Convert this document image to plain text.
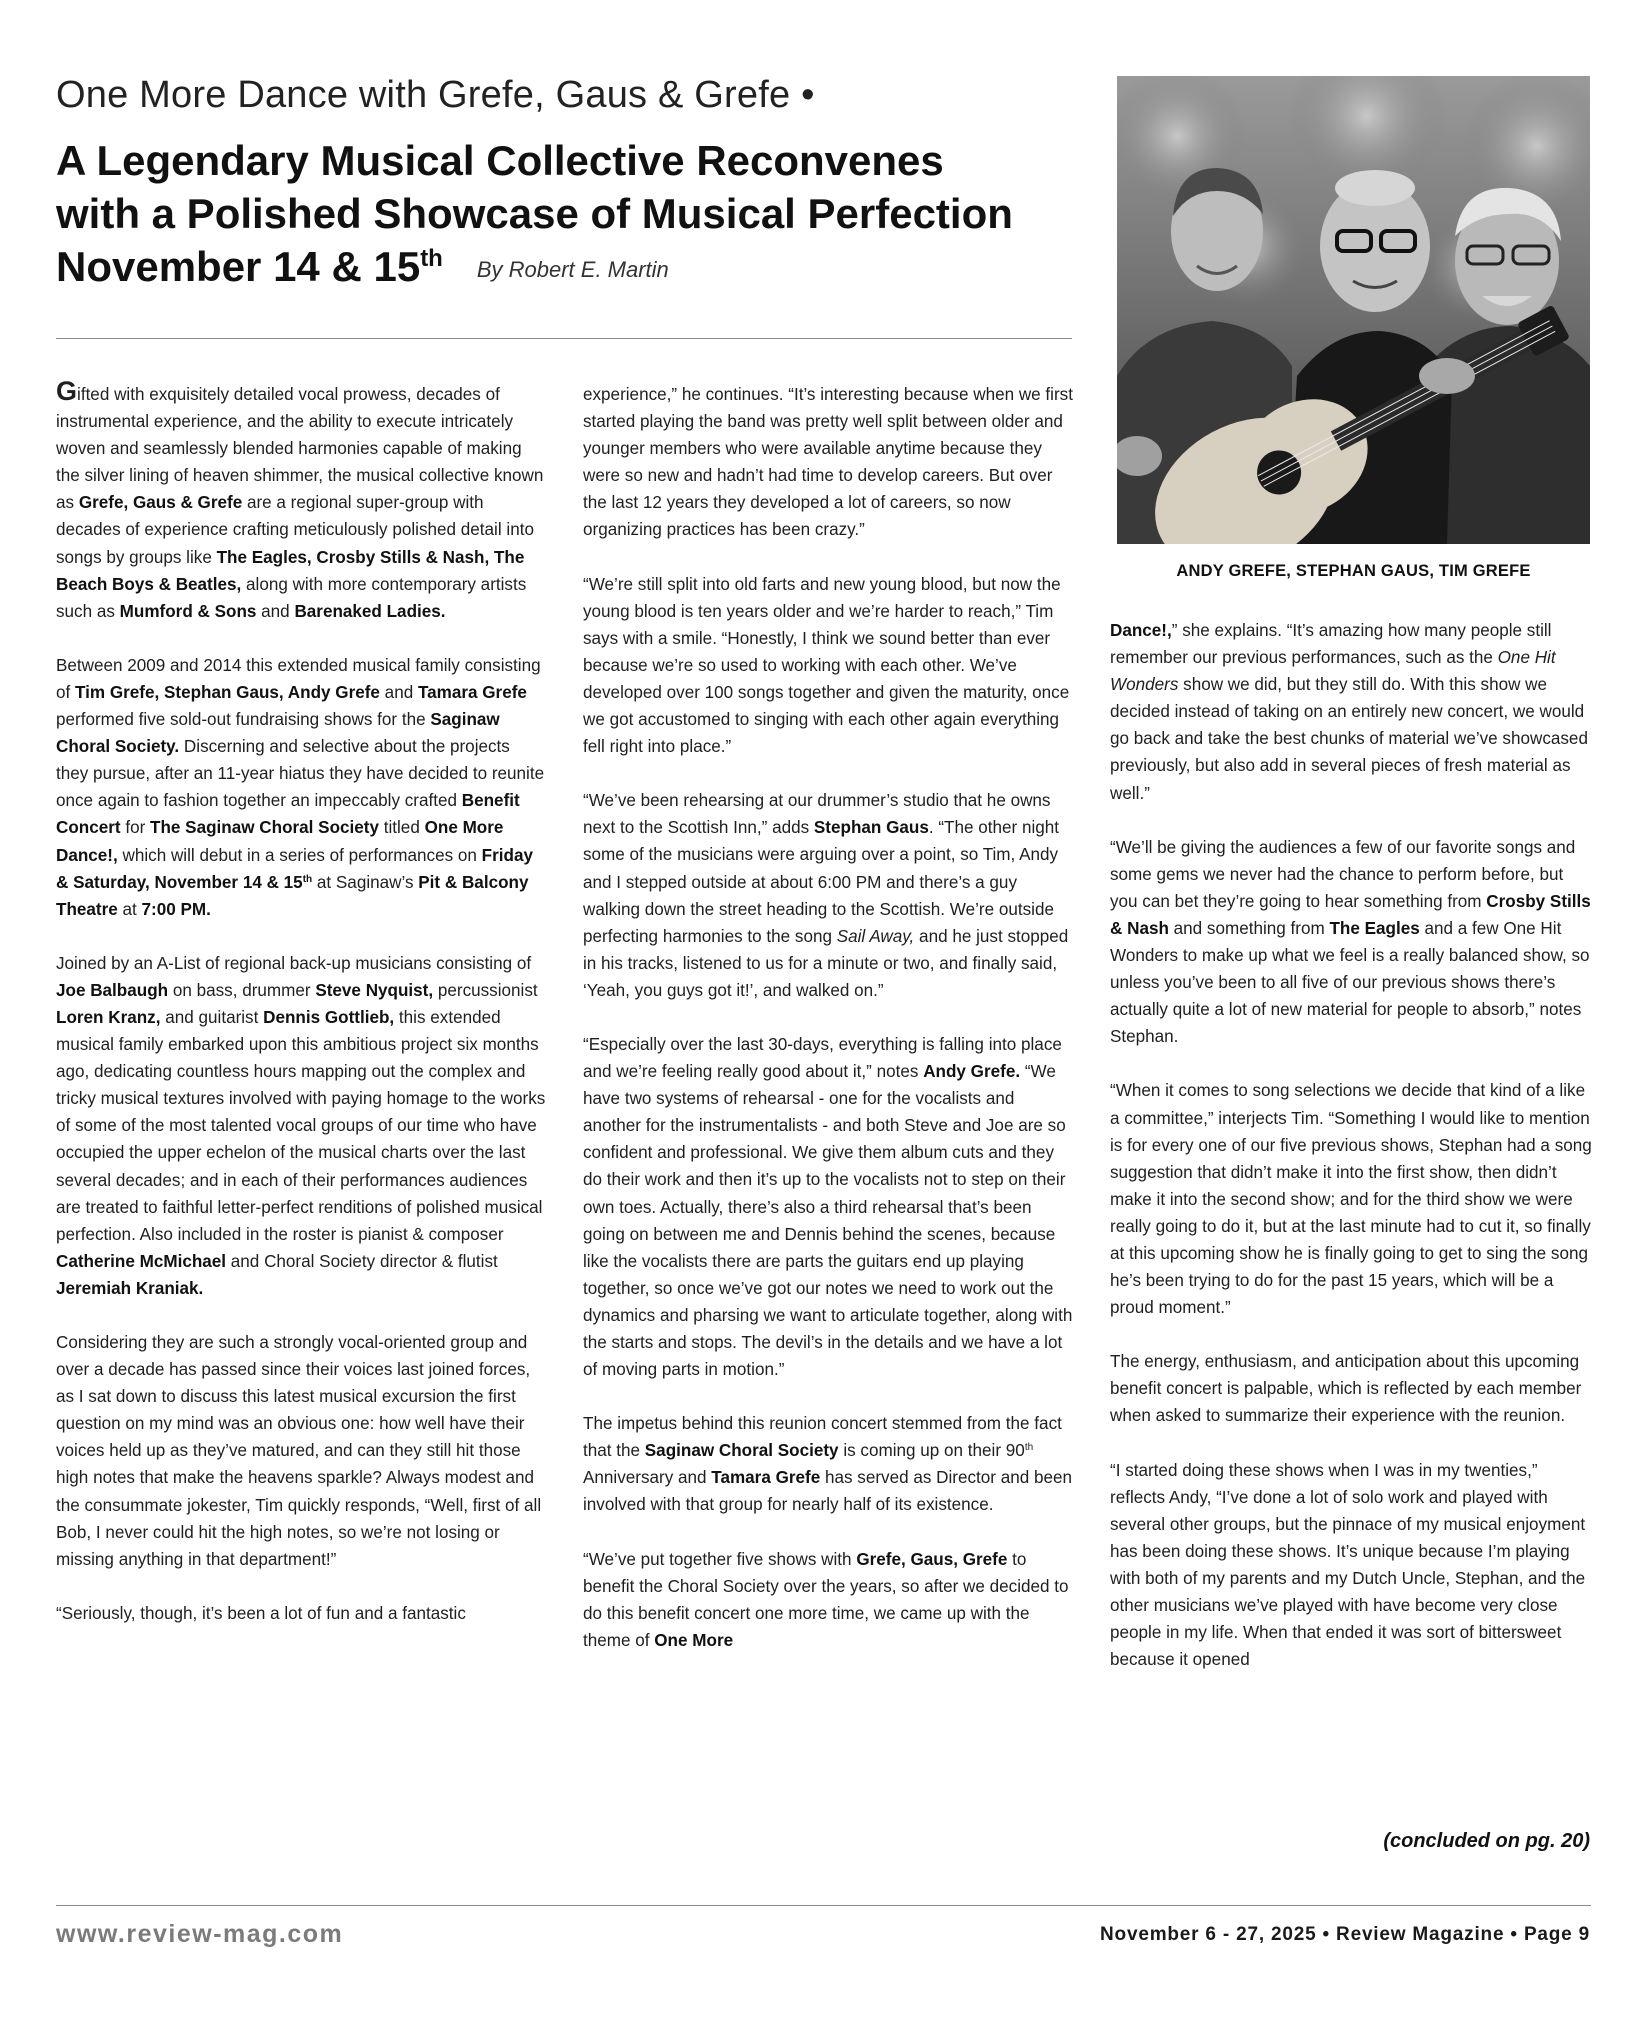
One More Dance with Grefe, Gaus & Grefe •
A Legendary Musical Collective Reconvenes
with a Polished Showcase of Musical Perfection
November 14 & 15th By Robert E. Martin

ANDY GREFE, STEPHAN GAUS, TIM GREFE

Gifted with exquisitely detailed vocal prowess, decades of instrumental experience, and the ability to execute intricately woven and seamlessly blended harmonies capable of making the silver lining of heaven shimmer, the musical collective known as Grefe, Gaus & Grefe are a regional super-group with decades of experience crafting meticulously polished detail into songs by groups like The Eagles, Crosby Stills & Nash, The Beach Boys & Beatles, along with more contemporary artists such as Mumford & Sons and Barenaked Ladies.

Between 2009 and 2014 this extended musical family consisting of Tim Grefe, Stephan Gaus, Andy Grefe and Tamara Grefe performed five sold-out fundraising shows for the Saginaw Choral Society. Discerning and selective about the projects they pursue, after an 11-year hiatus they have decided to reunite once again to fashion together an impeccably crafted Benefit Concert for The Saginaw Choral Society titled One More Dance!, which will debut in a series of performances on Friday & Saturday, November 14 & 15th at Saginaw’s Pit & Balcony Theatre at 7:00 PM.

Joined by an A-List of regional back-up musicians consisting of Joe Balbaugh on bass, drummer Steve Nyquist, percussionist Loren Kranz, and guitarist Dennis Gottlieb, this extended musical family embarked upon this ambitious project six months ago, dedicating countless hours mapping out the complex and tricky musical textures involved with paying homage to the works of some of the most talented vocal groups of our time who have occupied the upper echelon of the musical charts over the last several decades; and in each of their performances audiences are treated to faithful letter-perfect renditions of polished musical perfection. Also included in the roster is pianist & composer Catherine McMichael and Choral Society director & flutist Jeremiah Kraniak.

Considering they are such a strongly vocal-oriented group and over a decade has passed since their voices last joined forces, as I sat down to discuss this latest musical excursion the first question on my mind was an obvious one: how well have their voices held up as they’ve matured, and can they still hit those high notes that make the heavens sparkle? Always modest and the consummate jokester, Tim quickly responds, “Well, first of all Bob, I never could hit the high notes, so we’re not losing or missing anything in that department!”

“Seriously, though, it’s been a lot of fun and a fantastic

experience,” he continues. “It’s interesting because when we first started playing the band was pretty well split between older and younger members who were available anytime because they were so new and hadn’t had time to develop careers. But over the last 12 years they developed a lot of careers, so now organizing practices has been crazy.”

“We’re still split into old farts and new young blood, but now the young blood is ten years older and we’re harder to reach,” Tim says with a smile. “Honestly, I think we sound better than ever because we’re so used to working with each other. We’ve developed over 100 songs together and given the maturity, once we got accustomed to singing with each other again everything fell right into place.”

“We’ve been rehearsing at our drummer’s studio that he owns next to the Scottish Inn,” adds Stephan Gaus. “The other night some of the musicians were arguing over a point, so Tim, Andy and I stepped outside at about 6:00 PM and there’s a guy walking down the street heading to the Scottish. We’re outside perfecting harmonies to the song Sail Away, and he just stopped in his tracks, listened to us for a minute or two, and finally said, ‘Yeah, you guys got it!’, and walked on.”

“Especially over the last 30-days, everything is falling into place and we’re feeling really good about it,” notes Andy Grefe. “We have two systems of rehearsal - one for the vocalists and another for the instrumentalists - and both Steve and Joe are so confident and professional. We give them album cuts and they do their work and then it’s up to the vocalists not to step on their own toes. Actually, there’s also a third rehearsal that’s been going on between me and Dennis behind the scenes, because like the vocalists there are parts the guitars end up playing together, so once we’ve got our notes we need to work out the dynamics and pharsing we want to articulate together, along with the starts and stops. The devil’s in the details and we have a lot of moving parts in motion.”

The impetus behind this reunion concert stemmed from the fact that the Saginaw Choral Society is coming up on their 90th Anniversary and Tamara Grefe has served as Director and been involved with that group for nearly half of its existence.

“We’ve put together five shows with Grefe, Gaus, Grefe to benefit the Choral Society over the years, so after we decided to do this benefit concert one more time, we came up with the theme of One More

Dance!,” she explains. “It’s amazing how many people still remember our previous performances, such as the One Hit Wonders show we did, but they still do. With this show we decided instead of taking on an entirely new concert, we would go back and take the best chunks of material we’ve showcased previously, but also add in several pieces of fresh material as well.”

“We’ll be giving the audiences a few of our favorite songs and some gems we never had the chance to perform before, but you can bet they’re going to hear something from Crosby Stills & Nash and something from The Eagles and a few One Hit Wonders to make up what we feel is a really balanced show, so unless you’ve been to all five of our previous shows there’s actually quite a lot of new material for people to absorb,” notes Stephan.

“When it comes to song selections we decide that kind of a like a committee,” interjects Tim. “Something I would like to mention is for every one of our five previous shows, Stephan had a song suggestion that didn’t make it into the first show, then didn’t make it into the second show; and for the third show we were really going to do it, but at the last minute had to cut it, so finally at this upcoming show he is finally going to get to sing the song he’s been trying to do for the past 15 years, which will be a proud moment.”

The energy, enthusiasm, and anticipation about this upcoming benefit concert is palpable, which is reflected by each member when asked to summarize their experience with the reunion.

“I started doing these shows when I was in my twenties,” reflects Andy, “I’ve done a lot of solo work and played with several other groups, but the pinnace of my musical enjoyment has been doing these shows. It’s unique because I’m playing with both of my parents and my Dutch Uncle, Stephan, and the other musicians we’ve played with have become very close people in my life. When that ended it was sort of bittersweet because it opened

(concluded on pg. 20)

www.review-mag.com	November 6 - 27, 2025 • Review Magazine • Page 9
